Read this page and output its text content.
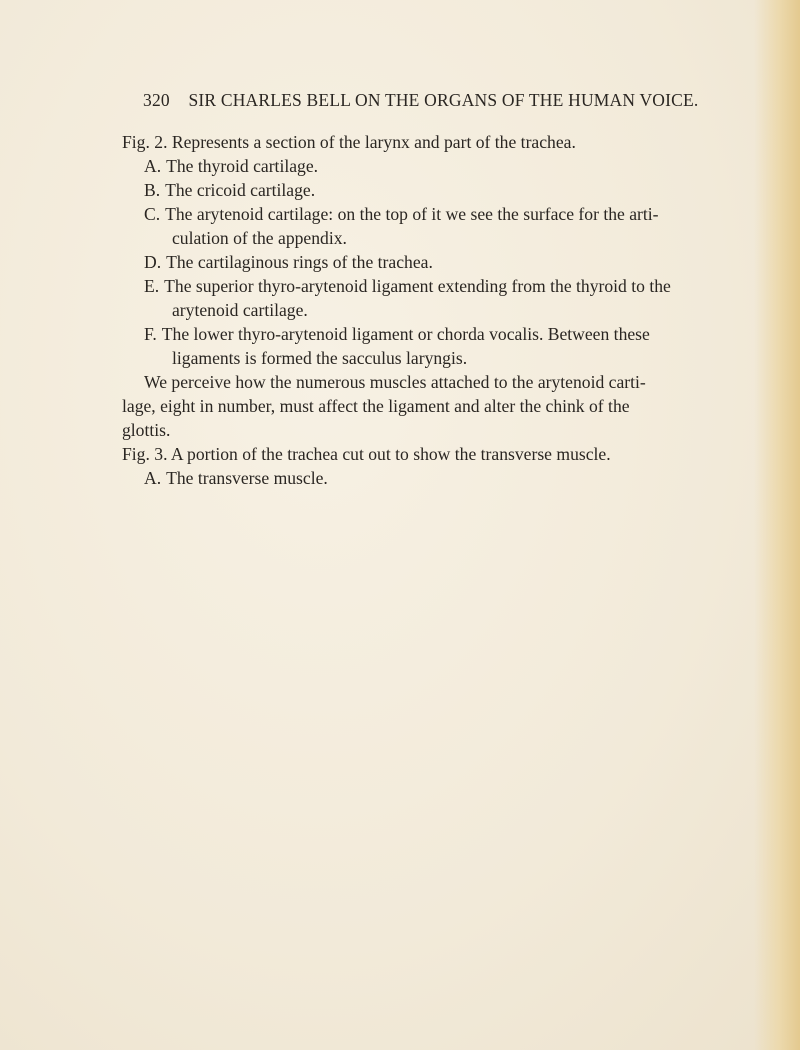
320 SIR CHARLES BELL ON THE ORGANS OF THE HUMAN VOICE.
Fig. 2. Represents a section of the larynx and part of the trachea.
A. The thyroid cartilage.
B. The cricoid cartilage.
C. The arytenoid cartilage: on the top of it we see the surface for the arti-
culation of the appendix.
D. The cartilaginous rings of the trachea.
E. The superior thyro-arytenoid ligament extending from the thyroid to the
arytenoid cartilage.
F. The lower thyro-arytenoid ligament or chorda vocalis. Between these
ligaments is formed the sacculus laryngis.
We perceive how the numerous muscles attached to the arytenoid carti-
lage, eight in number, must affect the ligament and alter the chink of the
glottis.
Fig. 3. A portion of the trachea cut out to show the transverse muscle.
A. The transverse muscle.
